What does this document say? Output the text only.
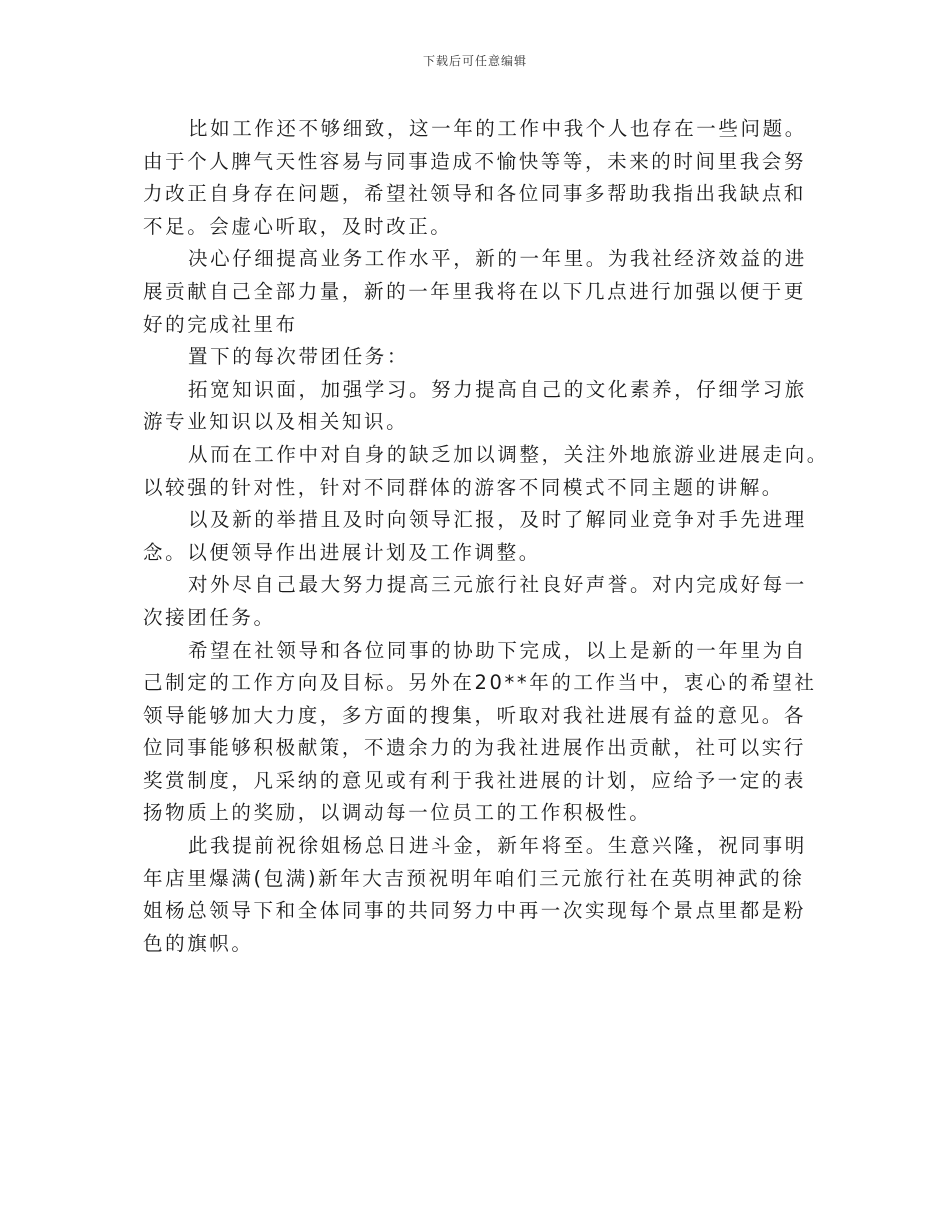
下载后可任意编辑
比如工作还不够细致，这一年的工作中我个人也存在一些问题。
由于个人脾气天性容易与同事造成不愉快等等，未来的时间里我会努
力改正自身存在问题，希望社领导和各位同事多帮助我指出我缺点和
不足。会虚心听取，及时改正。
决心仔细提高业务工作水平，新的一年里。为我社经济效益的进
展贡献自己全部力量，新的一年里我将在以下几点进行加强以便于更
好的完成社里布
置下的每次带团任务：
拓宽知识面，加强学习。努力提高自己的文化素养，仔细学习旅
游专业知识以及相关知识。
从而在工作中对自身的缺乏加以调整，关注外地旅游业进展走向。
以较强的针对性，针对不同群体的游客不同模式不同主题的讲解。
以及新的举措且及时向领导汇报，及时了解同业竞争对手先进理
念。以便领导作出进展计划及工作调整。
对外尽自己最大努力提高三元旅行社良好声誉。对内完成好每一
次接团任务。
希望在社领导和各位同事的协助下完成，以上是新的一年里为自
己制定的工作方向及目标。另外在20**年的工作当中，衷心的希望社
领导能够加大力度，多方面的搜集，听取对我社进展有益的意见。各
位同事能够积极献策，不遗余力的为我社进展作出贡献，社可以实行
奖赏制度，凡采纳的意见或有利于我社进展的计划，应给予一定的表
扬物质上的奖励，以调动每一位员工的工作积极性。
此我提前祝徐姐杨总日进斗金，新年将至。生意兴隆，祝同事明
年店里爆满(包满)新年大吉预祝明年咱们三元旅行社在英明神武的徐
姐杨总领导下和全体同事的共同努力中再一次实现每个景点里都是粉
色的旗帜。
